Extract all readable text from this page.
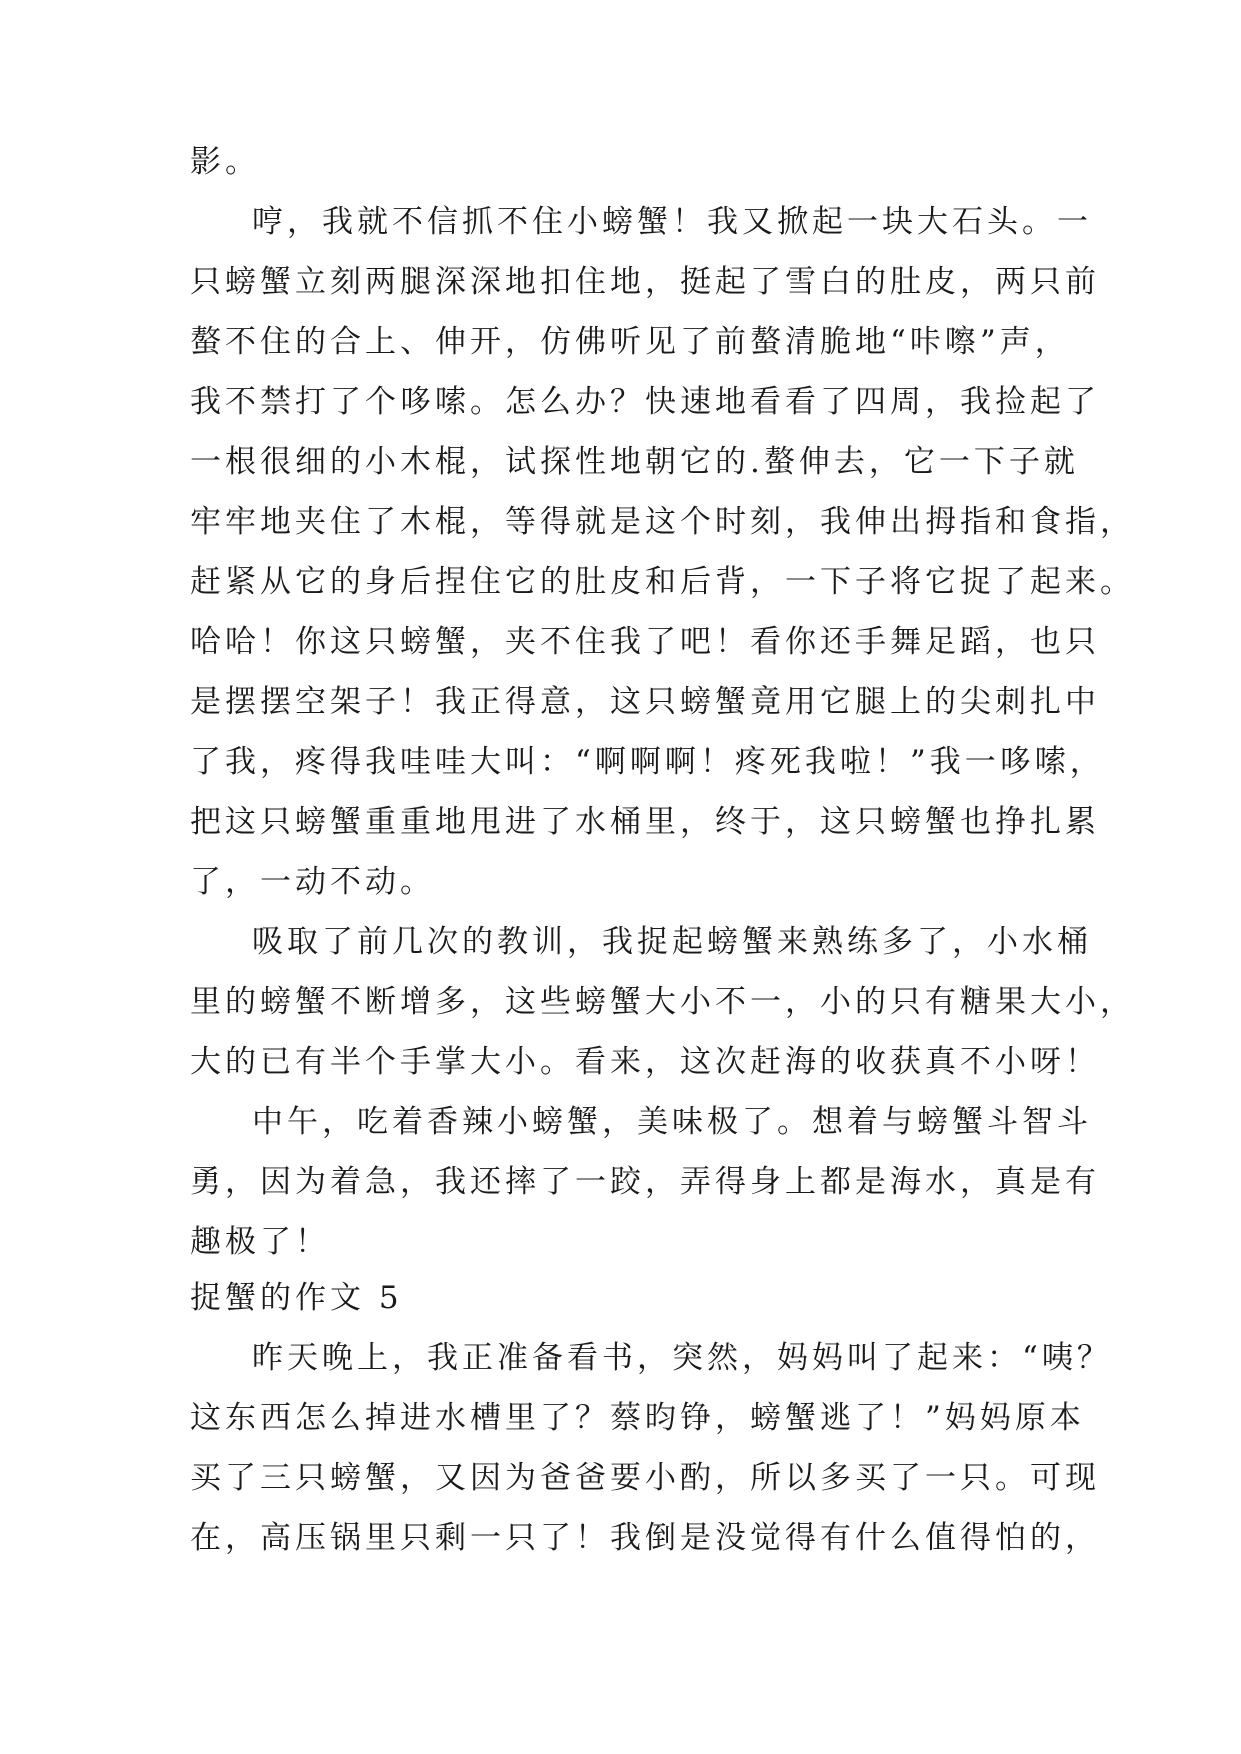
影。
哼，我就不信抓不住小螃蟹！我又掀起一块大石头。一
只螃蟹立刻两腿深深地扣住地，挺起了雪白的肚皮，两只前
螯不住的合上、伸开，仿佛听见了前螯清脆地“咔嚓”声，
我不禁打了个哆嗦。怎么办？快速地看看了四周，我捡起了
一根很细的小木棍，试探性地朝它的.螯伸去，它一下子就
牢牢地夹住了木棍，等得就是这个时刻，我伸出拇指和食指，
赶紧从它的身后捏住它的肚皮和后背，一下子将它捉了起来。
哈哈！你这只螃蟹，夹不住我了吧！看你还手舞足蹈，也只
是摆摆空架子！我正得意，这只螃蟹竟用它腿上的尖刺扎中
了我，疼得我哇哇大叫：“啊啊啊！疼死我啦！”我一哆嗦，
把这只螃蟹重重地甩进了水桶里，终于，这只螃蟹也挣扎累
了，一动不动。
吸取了前几次的教训，我捉起螃蟹来熟练多了，小水桶
里的螃蟹不断增多，这些螃蟹大小不一，小的只有糖果大小，
大的已有半个手掌大小。看来，这次赶海的收获真不小呀！
中午，吃着香辣小螃蟹，美味极了。想着与螃蟹斗智斗
勇，因为着急，我还摔了一跤，弄得身上都是海水，真是有
趣极了！
捉蟹的作文 5
昨天晚上，我正准备看书，突然，妈妈叫了起来：“咦？
这东西怎么掉进水槽里了？蔡昀铮，螃蟹逃了！”妈妈原本
买了三只螃蟹，又因为爸爸要小酌，所以多买了一只。可现
在，高压锅里只剩一只了！我倒是没觉得有什么值得怕的，
